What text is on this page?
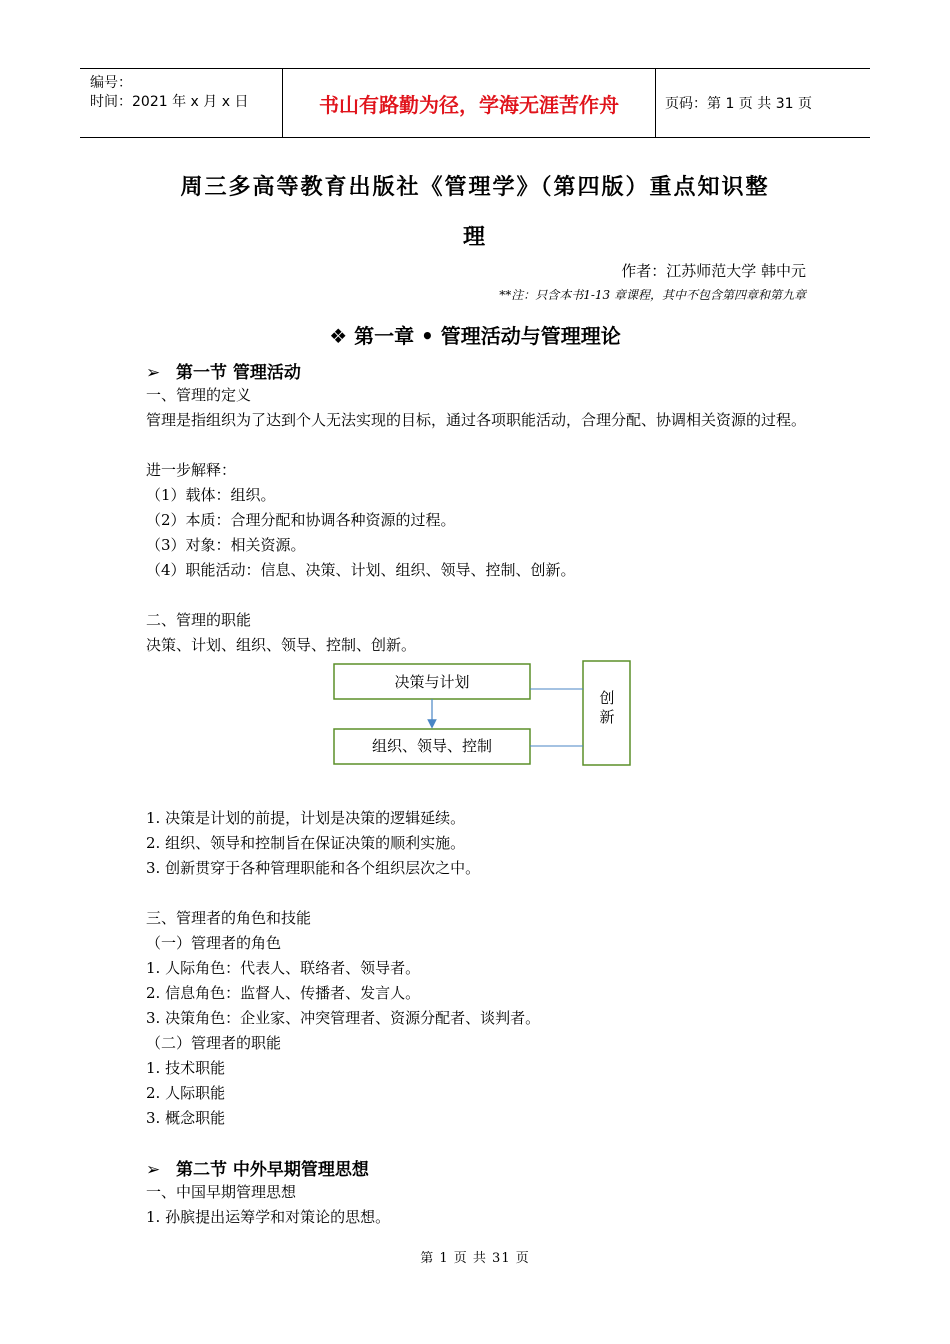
编号：
时间：2021 年 x 月 x 日	书山有路勤为径，学海无涯苦作舟	页码：第 1 页 共 31 页
周三多高等教育出版社《管理学》（第四版）重点知识整
理
作者：江苏师范大学 韩中元
**注：只含本书1-13 章课程，其中不包含第四章和第九章
❖ 第一章 • 管理活动与管理理论
➢ 第一节 管理活动
一、管理的定义
管理是指组织为了达到个人无法实现的目标，通过各项职能活动，合理分配、协调相关资源的过程。
进一步解释：
（1）载体：组织。
（2）本质：合理分配和协调各种资源的过程。
（3）对象：相关资源。
（4）职能活动：信息、决策、计划、组织、领导、控制、创新。
二、管理的职能
决策、计划、组织、领导、控制、创新。
决策与计划
组织、领导、控制
创
新
1. 决策是计划的前提，计划是决策的逻辑延续。
2. 组织、领导和控制旨在保证决策的顺利实施。
3. 创新贯穿于各种管理职能和各个组织层次之中。
三、管理者的角色和技能
（一）管理者的角色
1. 人际角色：代表人、联络者、领导者。
2. 信息角色：监督人、传播者、发言人。
3. 决策角色：企业家、冲突管理者、资源分配者、谈判者。
（二）管理者的职能
1. 技术职能
2. 人际职能
3. 概念职能
➢ 第二节 中外早期管理思想
一、中国早期管理思想
1. 孙膑提出运筹学和对策论的思想。
第 1 页 共 31 页
